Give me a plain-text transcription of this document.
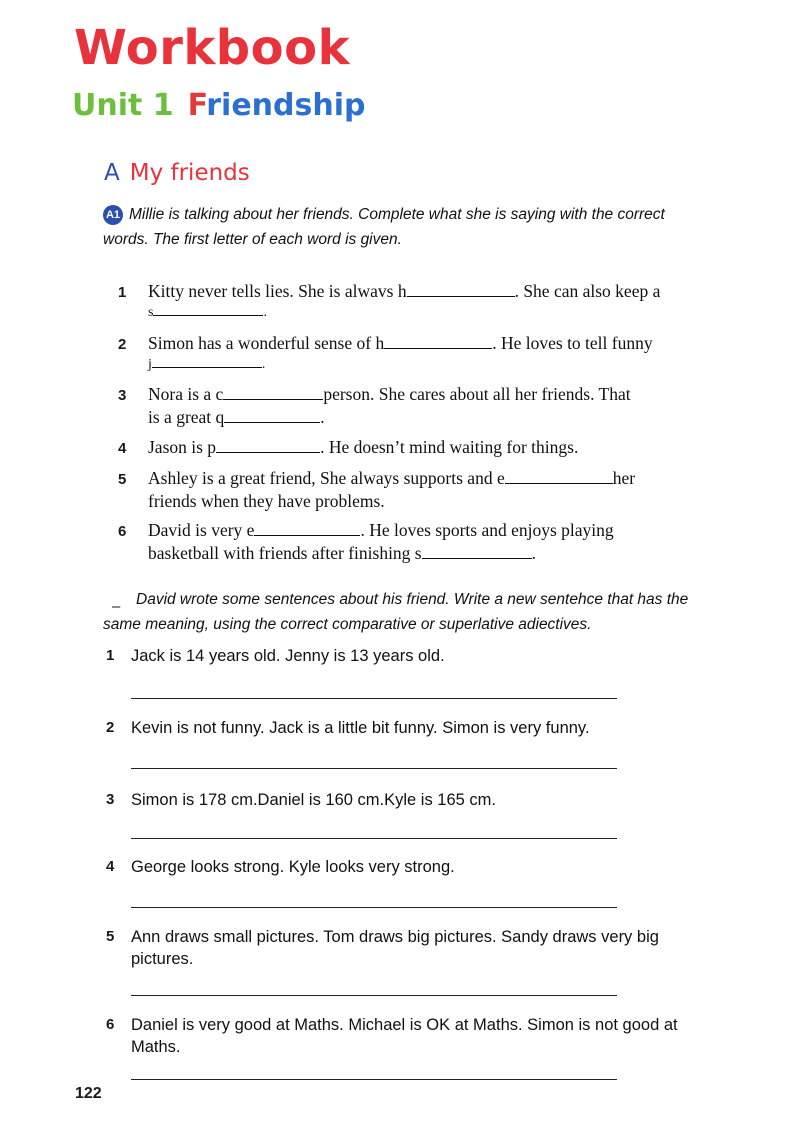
Workbook
Unit 1 Friendship
A My friends
A1 Millie is talking about her friends. Complete what she is saying with the correct
words. The first letter of each word is given.
1 Kitty never tells lies. She is alwavs h	. She can also keep a
s	.
2 Simon has a wonderful sense of h	. He loves to tell funny
j	.
3 Nora is a c	person. She cares about all her friends. That
is a great q	.
4 Jason is p	. He doesn’t mind waiting for things.
5 Ashley is a great friend, She always supports and e	her
friends when they have problems.
6 David is very e	. He loves sports and enjoys playing
basketball with friends after finishing s	.
–	David wrote some sentences about his friend. Write a new sentehce that has the
same meaning, using the correct comparative or superlative adiectives.
1 Jack is 14 years old. Jenny is 13 years old.
2 Kevin is not funny. Jack is a little bit funny. Simon is very funny.
3 Simon is 178 cm.Daniel is 160 cm.Kyle is 165 cm.
4 George looks strong. Kyle looks very strong.
5 Ann draws small pictures. Tom draws big pictures. Sandy draws very big
pictures.
6 Daniel is very good at Maths. Michael is OK at Maths. Simon is not good at
Maths.
122
